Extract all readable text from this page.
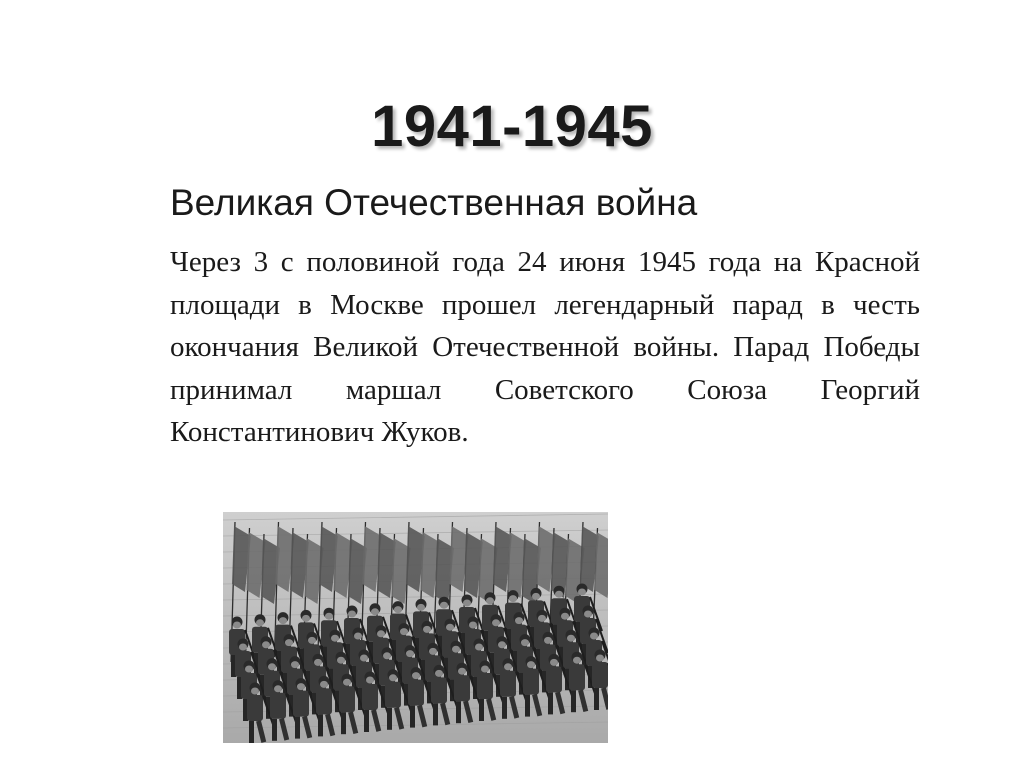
1941-1945
Великая Отечественная война

Через 3 с половиной года 24 июня 1945 года на Красной площади в Москве прошел легендарный парад в честь окончания Великой Отечественной войны. Парад Победы принимал маршал Советского Союза Георгий Константинович Жуков.
